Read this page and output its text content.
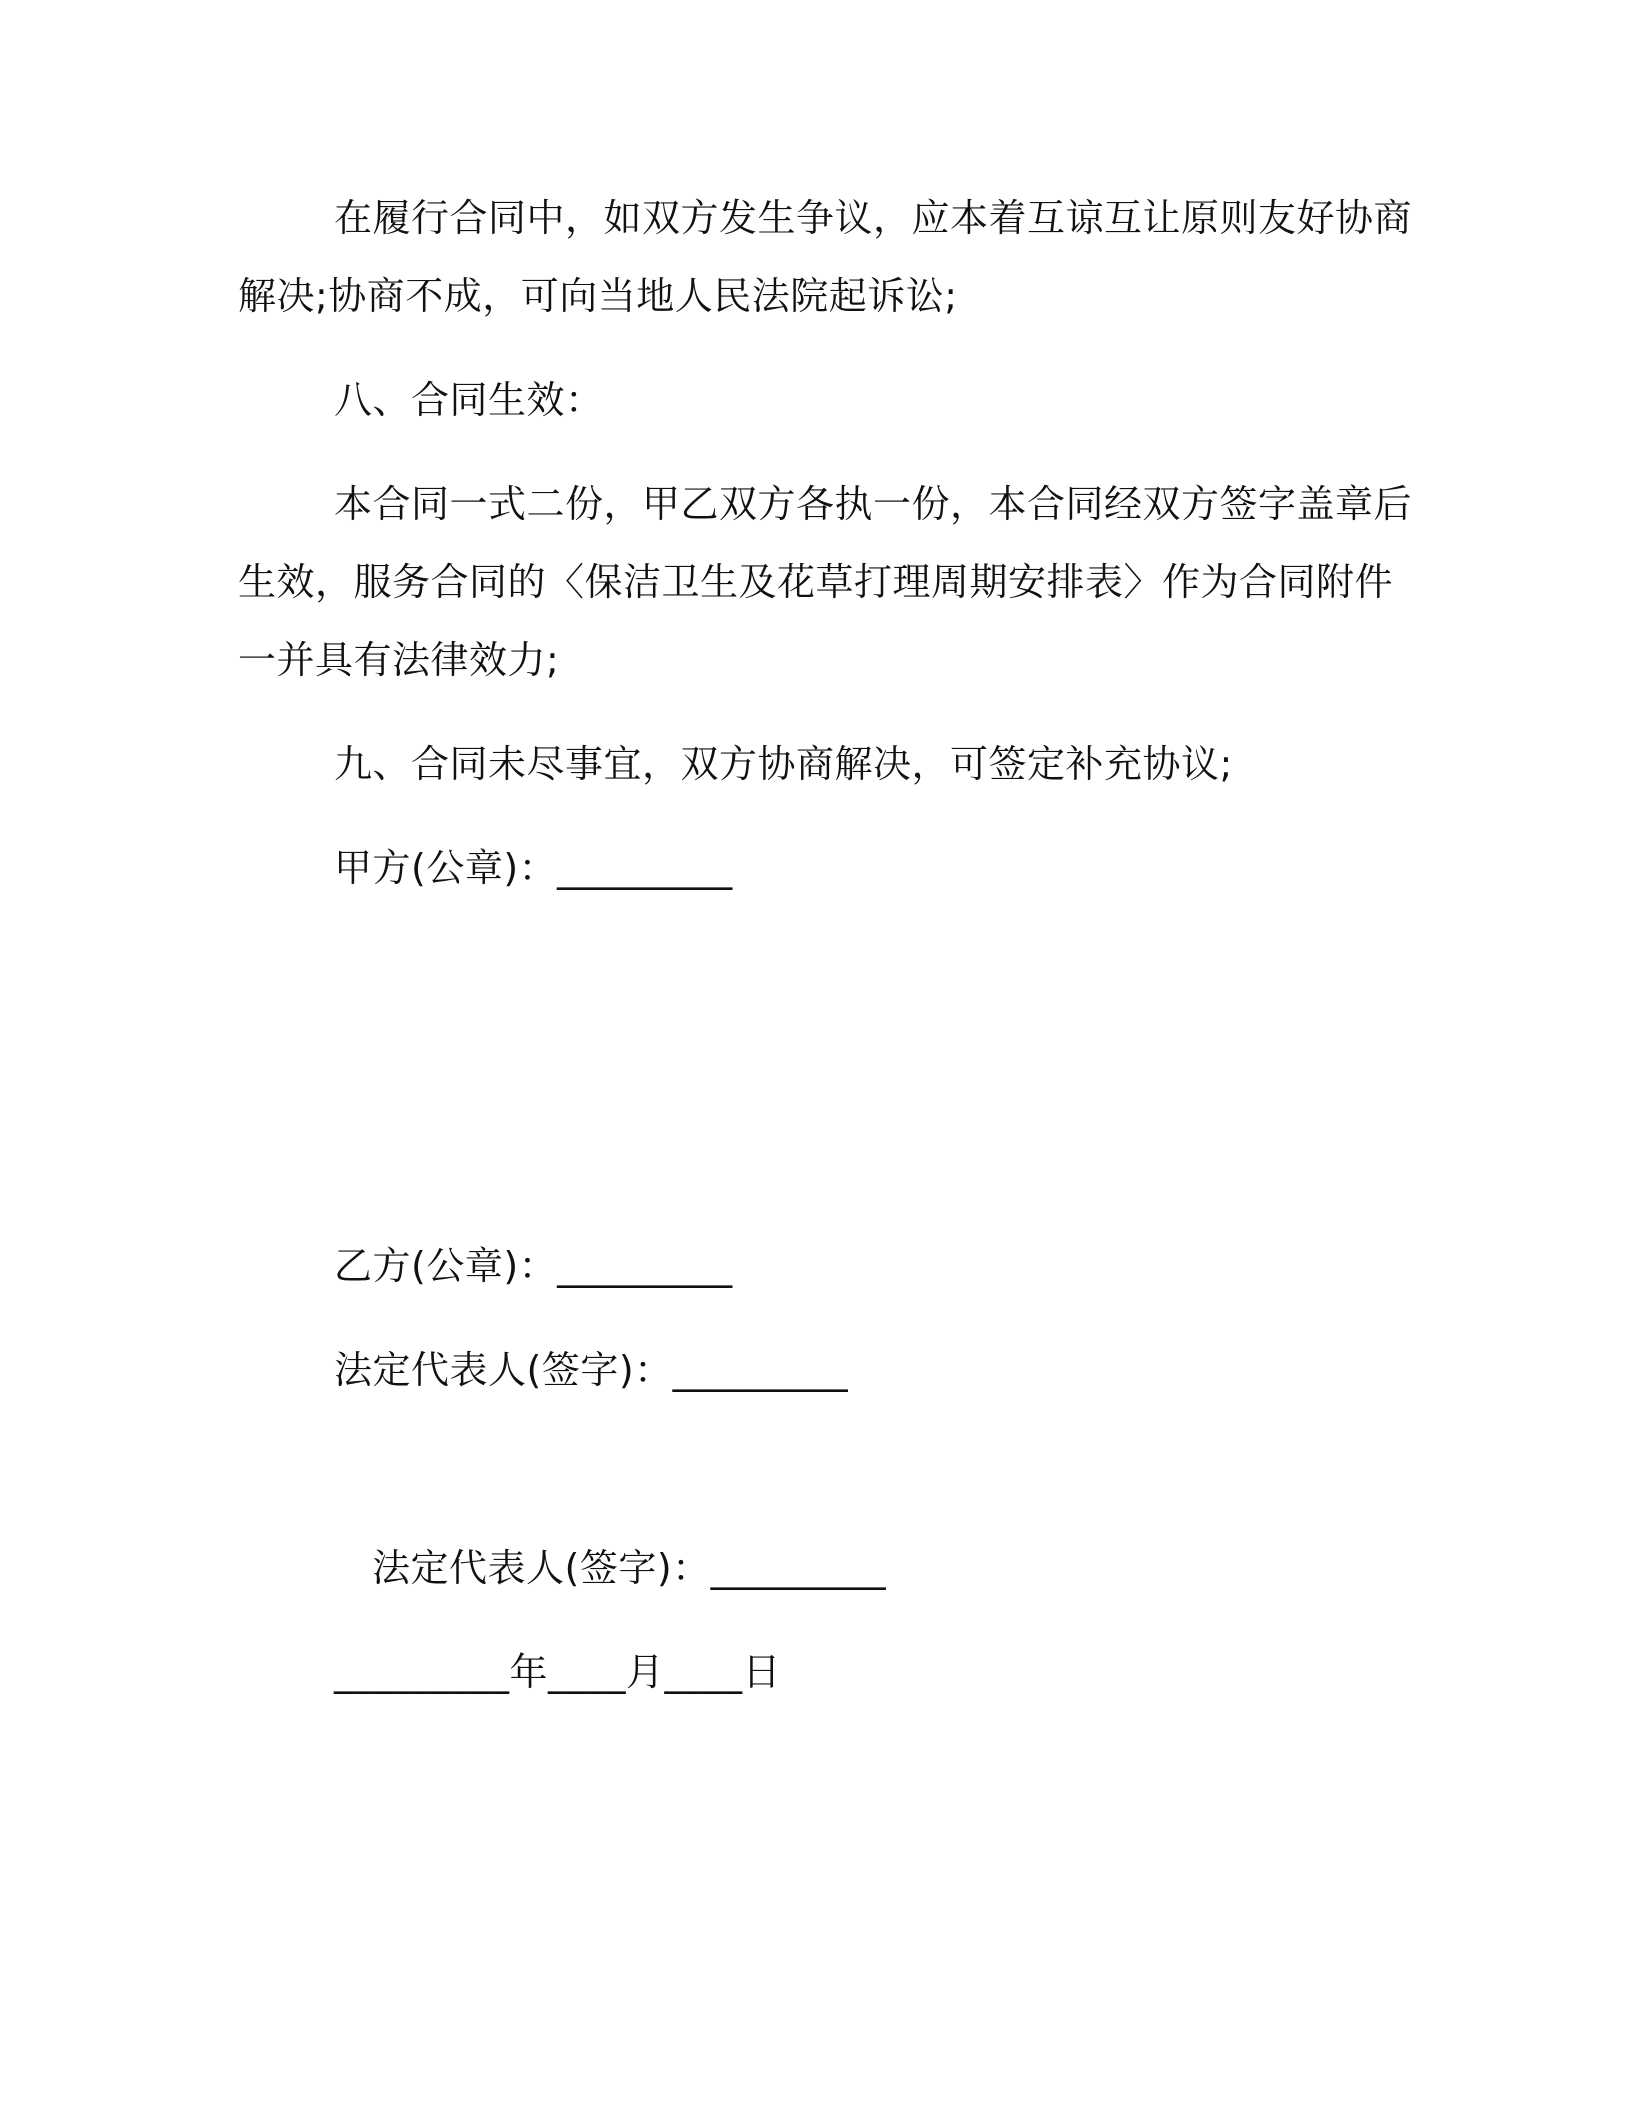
在履行合同中，如双方发生争议，应本着互谅互让原则友好协商
解决;协商不成，可向当地人民法院起诉讼;
八、合同生效：
本合同一式二份，甲乙双方各执一份，本合同经双方签字盖章后
生效，服务合同的〈保洁卫生及花草打理周期安排表〉作为合同附件
一并具有法律效力;
九、合同未尽事宜，双方协商解决，可签定补充协议;
甲方(公章)：_________
乙方(公章)：_________
法定代表人(签字)：_________
法定代表人(签字)：_________
_________年____月____日
